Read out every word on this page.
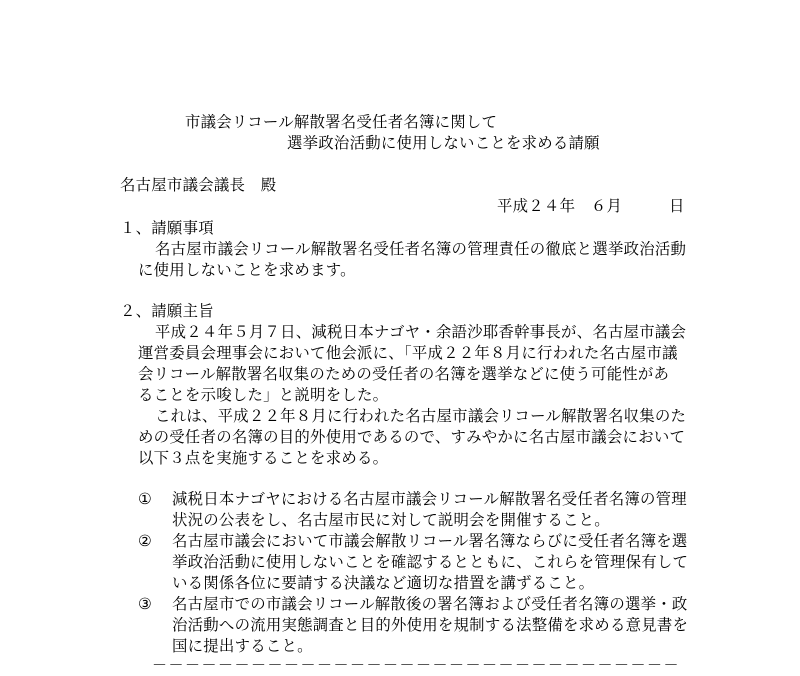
市議会リコール解散署名受任者名簿に関して
選挙政治活動に使用しないことを求める請願
名古屋市議会議長　殿
平成２４年　６月　　　日
１、請願事項
名古屋市議会リコール解散署名受任者名簿の管理責任の徹底と選挙政治活動
に使用しないことを求めます。
２、請願主旨
平成２４年５月７日、減税日本ナゴヤ・余語沙耶香幹事長が、名古屋市議会
運営委員会理事会において他会派に、「平成２２年８月に行われた名古屋市議
会リコール解散署名収集のための受任者の名簿を選挙などに使う可能性があ
ることを示唆した」と説明をした。
これは、平成２２年８月に行われた名古屋市議会リコール解散署名収集のた
めの受任者の名簿の目的外使用であるので、すみやかに名古屋市議会において
以下３点を実施することを求める。
① 減税日本ナゴヤにおける名古屋市議会リコール解散署名受任者名簿の管理
状況の公表をし、名古屋市民に対して説明会を開催すること。
② 名古屋市議会において市議会解散リコール署名簿ならびに受任者名簿を選
挙政治活動に使用しないことを確認するとともに、これらを管理保有して
いる関係各位に要請する決議など適切な措置を講ずること。
③ 名古屋市での市議会リコール解散後の署名簿および受任者名簿の選挙・政
治活動への流用実態調査と目的外使用を規制する法整備を求める意見書を
国に提出すること。
－－－－－－－－－－－－－－－－－－－－－－－－－－－－－－－－
